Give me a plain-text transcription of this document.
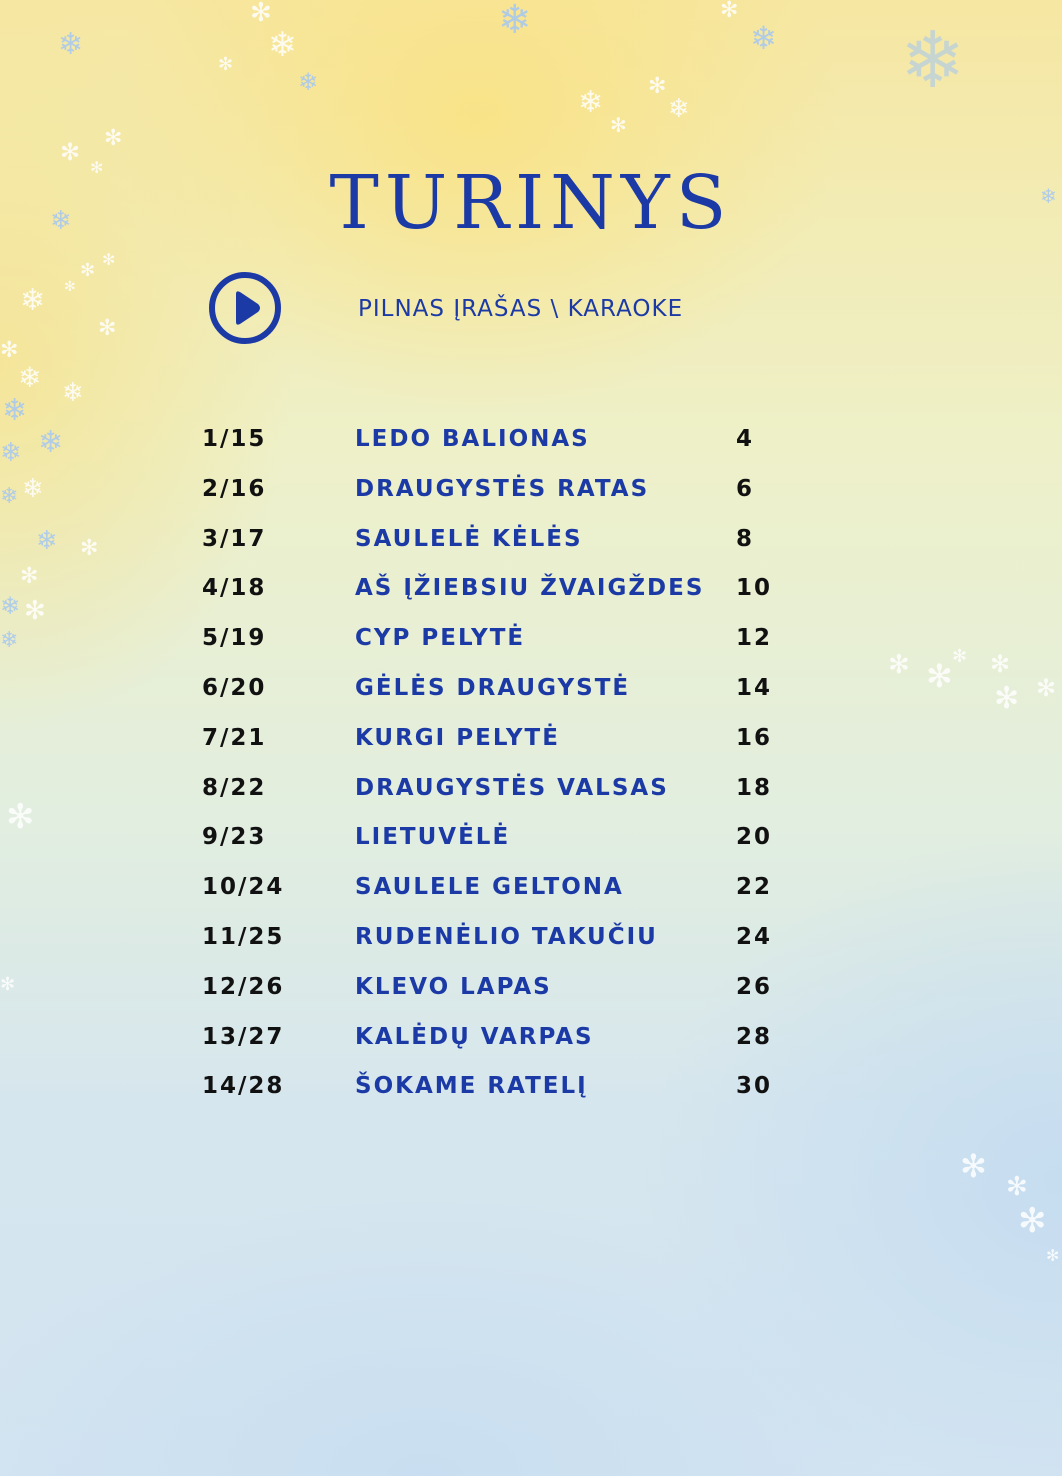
❄
✻
❄
❄
✻
❄
❄
✻
✻
❄
✻
❄ ❄
❄
✻ ✻
✻
❄
✻
✻
✻
❄
✻
✻
❄ ❄
❄
❄
❄
❄
❄
❄ ✻
✻
❄ ✻
❄
✻
✻
✻ ✻
✻ ✻
✻ ✻
✻
✻
✻
✻
TURINYS
PILNAS ĮRAŠAS \ KARAOKE
1/15	LEDO BALIONAS	4
2/16	DRAUGYSTĖS RATAS	6
3/17	SAULELĖ KĖLĖS	8
4/18	AŠ ĮŽIEBSIU ŽVAIGŽDES 10
5/19	CYP PELYTĖ	12
6/20	GĖLĖS DRAUGYSTĖ	14
7/21	KURGI PELYTĖ	16
8/22	DRAUGYSTĖS VALSAS	18
9/23	LIETUVĖLĖ	20
10/24	SAULELE GELTONA	22
11/25	RUDENĖLIO TAKUČIU	24
12/26	KLEVO LAPAS	26
13/27	KALĖDŲ VARPAS	28
14/28	ŠOKAME RATELĮ	30
